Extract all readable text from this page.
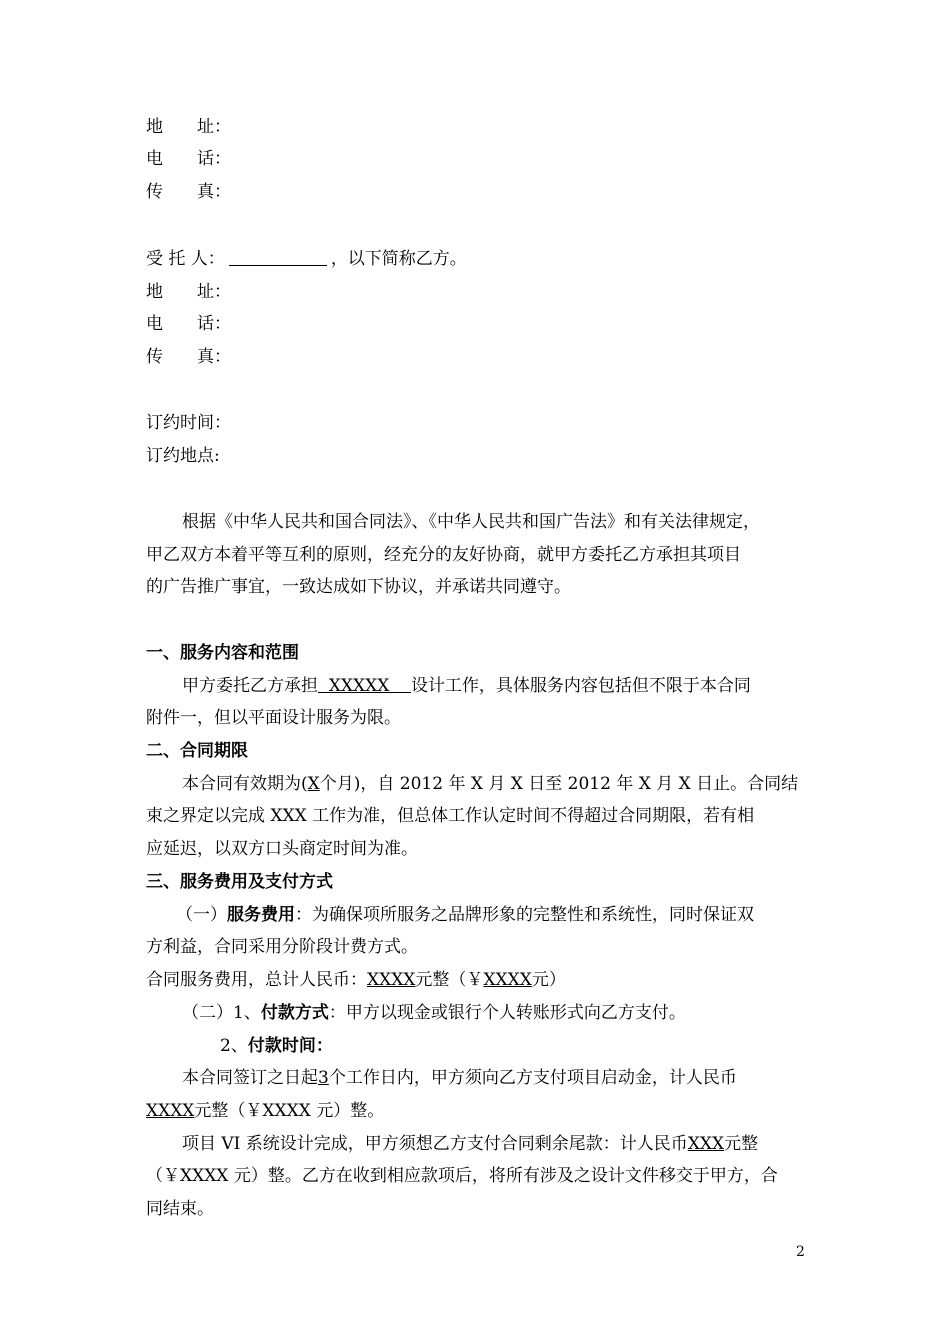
地　　址：
电　　话：
传　　真：
受 托 人：	，以下简称乙方。
地　　址：
电　　话：
传　　真：
订约时间：
订约地点:
根据《中华人民共和国合同法》、《中华人民共和国广告法》和有关法律规定，
甲乙双方本着平等互利的原则，经充分的友好协商，就甲方委托乙方承担其项目
的广告推广事宜，一致达成如下协议，并承诺共同遵守。
一、服务内容和范围
甲方委托乙方承担  XXXXX    设计工作，具体服务内容包括但不限于本合同
附件一，但以平面设计服务为限。
二、合同期限
本合同有效期为(X个月)，自 2012 年 X 月 X 日至 2012 年 X 月 X 日止。合同结
束之界定以完成 XXX 工作为准，但总体工作认定时间不得超过合同期限，若有相
应延迟，以双方口头商定时间为准。
三、服务费用及支付方式
（一）服务费用：为确保项所服务之品牌形象的完整性和系统性，同时保证双
方利益，合同采用分阶段计费方式。
合同服务费用，总计人民币：XXXX元整（￥XXXX元）
（二）1、付款方式：甲方以现金或银行个人转账形式向乙方支付。
2、付款时间：
本合同签订之日起3个工作日内，甲方须向乙方支付项目启动金，计人民币
XXXX元整（￥XXXX 元）整。
项目 VI 系统设计完成，甲方须想乙方支付合同剩余尾款：计人民币XXX元整
（￥XXXX 元）整。乙方在收到相应款项后，将所有涉及之设计文件移交于甲方，合
同结束。
2
